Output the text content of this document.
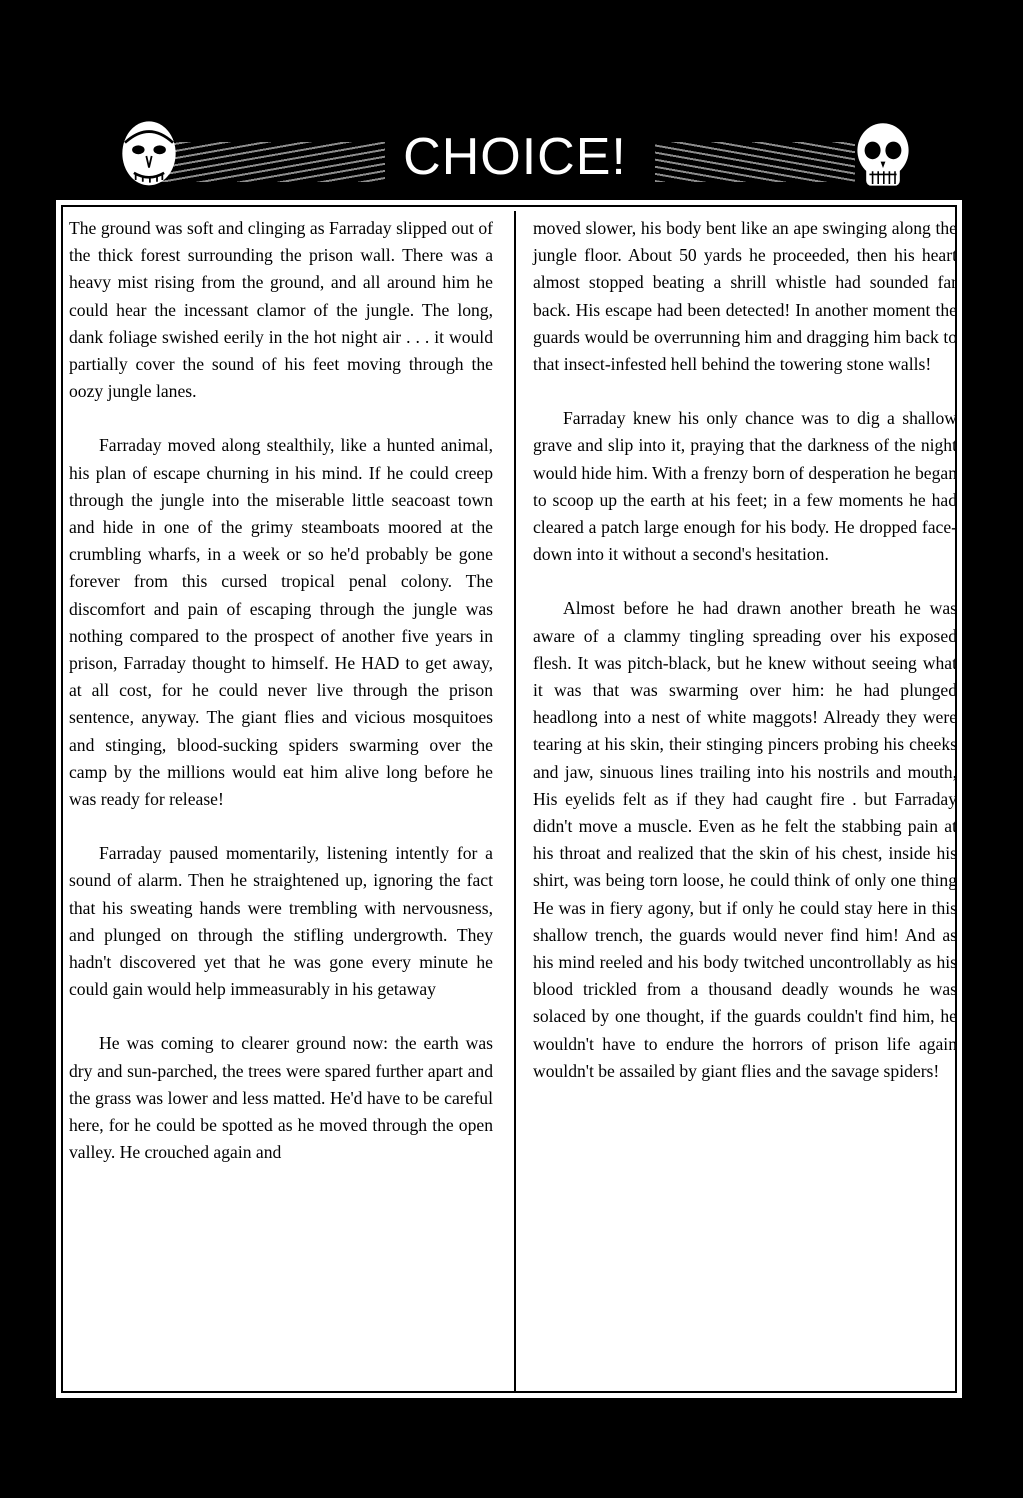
CHOICE!

The ground was soft and clinging as Farraday slipped out of the thick forest surrounding the prison wall. There was a heavy mist rising from the ground, and all around him he could hear the incessant clamor of the jungle. The long, dank foliage swished eerily in the hot night air . . . it would partially cover the sound of his feet moving through the oozy jungle lanes.

Farraday moved along stealthily, like a hunted animal, his plan of escape churning in his mind. If he could creep through the jungle into the miserable little seacoast town and hide in one of the grimy steamboats moored at the crumbling wharfs, in a week or so he'd probably be gone forever from this cursed tropical penal colony. The discomfort and pain of escaping through the jungle was nothing compared to the prospect of another five years in prison, Farraday thought to himself. He HAD to get away, at all cost, for he could never live through the prison sentence, anyway. The giant flies and vicious mosquitoes and stinging, blood-sucking spiders swarming over the camp by the millions would eat him alive long before he was ready for release!

Farraday paused momentarily, listening intently for a sound of alarm. Then he straightened up, ignoring the fact that his sweating hands were trembling with nervousness, and plunged on through the stifling undergrowth. They hadn't discovered yet that he was gone every minute he could gain would help immeasurably in his getaway

He was coming to clearer ground now: the earth was dry and sun-parched, the trees were spared further apart and the grass was lower and less matted. He'd have to be careful here, for he could be spotted as he moved through the open valley. He crouched again and

moved slower, his body bent like an ape swinging along the jungle floor. About 50 yards he proceeded, then his heart almost stopped beating a shrill whistle had sounded far back. His escape had been detected! In another moment the guards would be overrunning him and dragging him back to that insect-infested hell behind the towering stone walls!

Farraday knew his only chance was to dig a shallow grave and slip into it, praying that the darkness of the night would hide him. With a frenzy born of desperation he began to scoop up the earth at his feet; in a few moments he had cleared a patch large enough for his body. He dropped face-down into it without a second's hesitation.

Almost before he had drawn another breath he was aware of a clammy tingling spreading over his exposed flesh. It was pitch-black, but he knew without seeing what it was that was swarming over him: he had plunged headlong into a nest of white maggots! Already they were tearing at his skin, their stinging pincers probing his cheeks and jaw, sinuous lines trailing into his nostrils and mouth, His eyelids felt as if they had caught fire . but Farraday didn't move a muscle. Even as he felt the stabbing pain at his throat and realized that the skin of his chest, inside his shirt, was being torn loose, he could think of only one thing He was in fiery agony, but if only he could stay here in this shallow trench, the guards would never find him! And as his mind reeled and his body twitched uncontrollably as his blood trickled from a thousand deadly wounds he was solaced by one thought, if the guards couldn't find him, he wouldn't have to endure the horrors of prison life again wouldn't be assailed by giant flies and the savage spiders!
